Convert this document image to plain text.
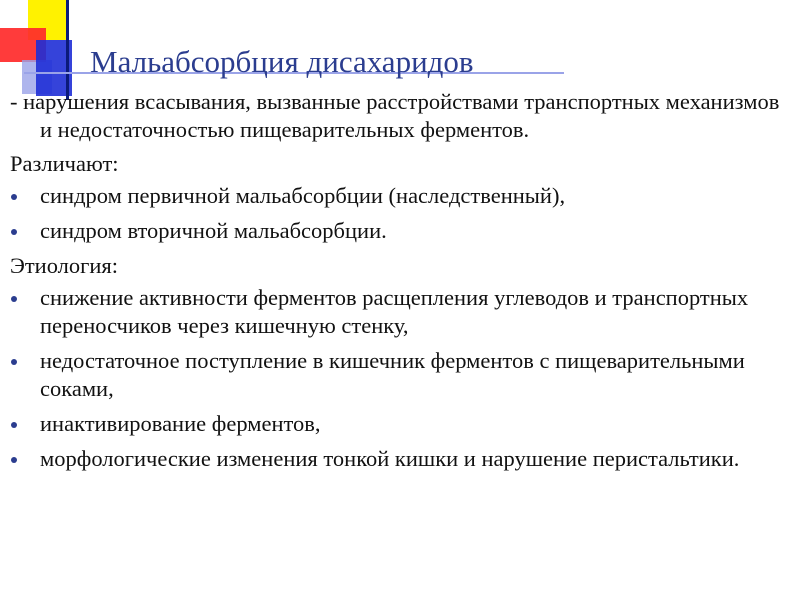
Мальабсорбция дисахаридов

- нарушения всасывания, вызванные расстройствами транспортных механизмов и недостаточностью пищеварительных ферментов.

Различают:

синдром первичной мальабсорбции (наследственный),
синдром вторичной мальабсорбции.

Этиология:

снижение активности ферментов расщепления углеводов и транспортных переносчиков через кишечную стенку,
недостаточное поступление в кишечник ферментов с пищеварительными соками,
инактивирование ферментов,
морфологические изменения тонкой кишки и нарушение перистальтики.
